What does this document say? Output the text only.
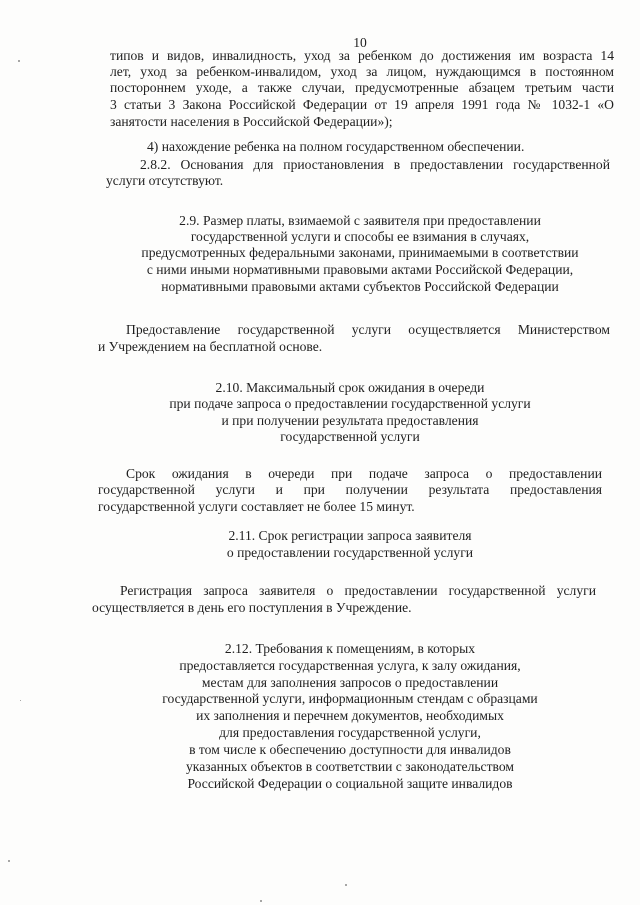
10
типов и видов, инвалидность, уход за ребенком до достижения им возраста 14
лет, уход за ребенком-инвалидом, уход за лицом, нуждающимся в постоянном
постороннем уходе, а также случаи, предусмотренные абзацем третьим части
3 статьи 3 Закона Российской Федерации от 19 апреля 1991 года № 1032-1 «О
занятости населения в Российской Федерации»);
4) нахождение ребенка на полном государственном обеспечении.
2.8.2. Основания для приостановления в предоставлении государственной
услуги отсутствуют.
2.9. Размер платы, взимаемой с заявителя при предоставлении
государственной услуги и способы ее взимания в случаях,
предусмотренных федеральными законами, принимаемыми в соответствии
с ними иными нормативными правовыми актами Российской Федерации,
нормативными правовыми актами субъектов Российской Федерации
Предоставление государственной услуги осуществляется Министерством
и Учреждением на бесплатной основе.
2.10. Максимальный срок ожидания в очереди
при подаче запроса о предоставлении государственной услуги
и при получении результата предоставления
государственной услуги
Срок ожидания в очереди при подаче запроса о предоставлении
государственной услуги и при получении результата предоставления
государственной услуги составляет не более 15 минут.
2.11. Срок регистрации запроса заявителя
о предоставлении государственной услуги
Регистрация запроса заявителя о предоставлении государственной услуги
осуществляется в день его поступления в Учреждение.
2.12. Требования к помещениям, в которых
предоставляется государственная услуга, к залу ожидания,
местам для заполнения запросов о предоставлении
государственной услуги, информационным стендам с образцами
их заполнения и перечнем документов, необходимых
для предоставления государственной услуги,
в том числе к обеспечению доступности для инвалидов
указанных объектов в соответствии с законодательством
Российской Федерации о социальной защите инвалидов
